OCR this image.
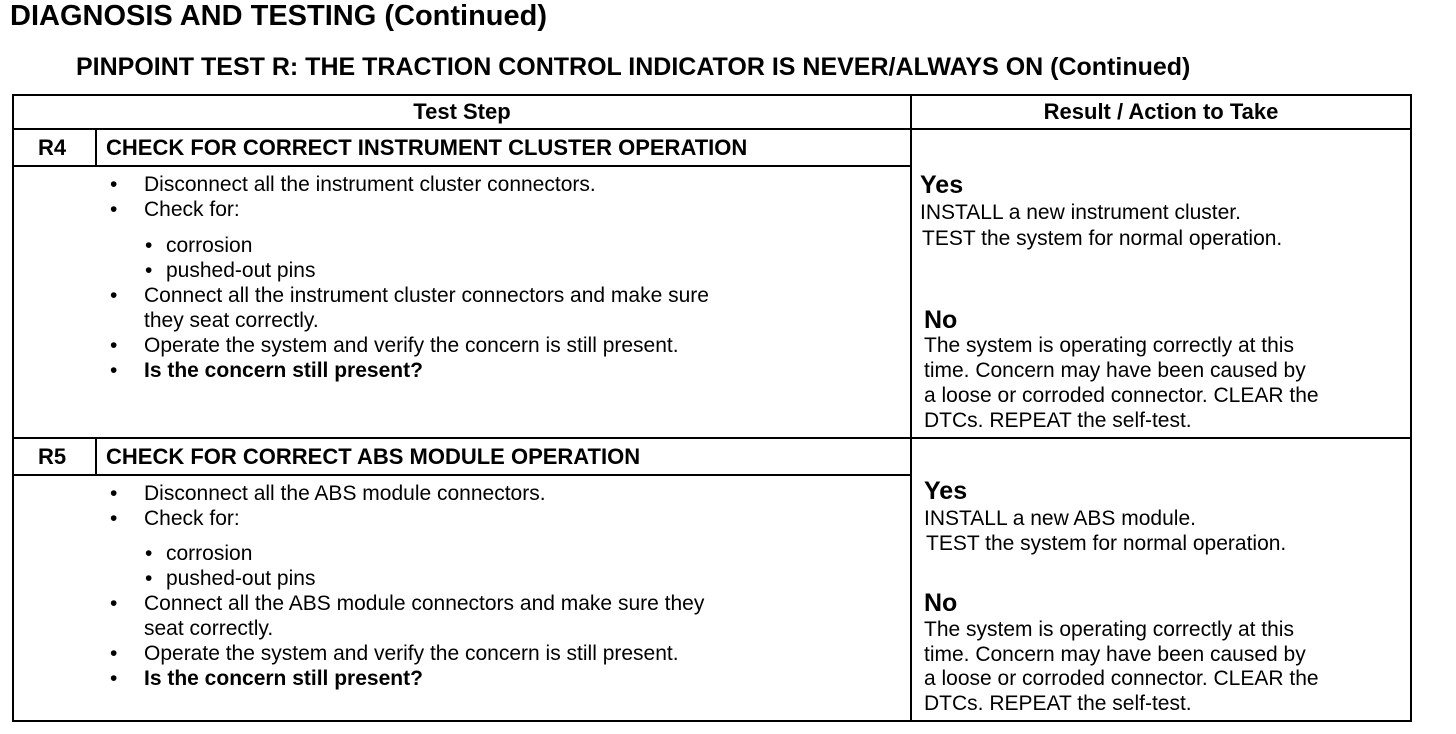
DIAGNOSIS AND TESTING (Continued)
PINPOINT TEST R: THE TRACTION CONTROL INDICATOR IS NEVER/ALWAYS ON (Continued)
Test Step	Result / Action to Take
R4 CHECK FOR CORRECT INSTRUMENT CLUSTER OPERATION
• Disconnect all the instrument cluster connectors.
• Check for:
• corrosion
• pushed-out pins
• Connect all the instrument cluster connectors and make sure
they seat correctly.
• Operate the system and verify the concern is still present.
• Is the concern still present?
Yes
INSTALL a new instrument cluster.
TEST the system for normal operation.
No
The system is operating correctly at this
time. Concern may have been caused by
a loose or corroded connector. CLEAR the
DTCs. REPEAT the self-test.
R5 CHECK FOR CORRECT ABS MODULE OPERATION
• Disconnect all the ABS module connectors.
• Check for:
• corrosion
• pushed-out pins
• Connect all the ABS module connectors and make sure they
seat correctly.
• Operate the system and verify the concern is still present.
• Is the concern still present?
Yes
INSTALL a new ABS module.
TEST the system for normal operation.
No
The system is operating correctly at this
time. Concern may have been caused by
a loose or corroded connector. CLEAR the
DTCs. REPEAT the self-test.
